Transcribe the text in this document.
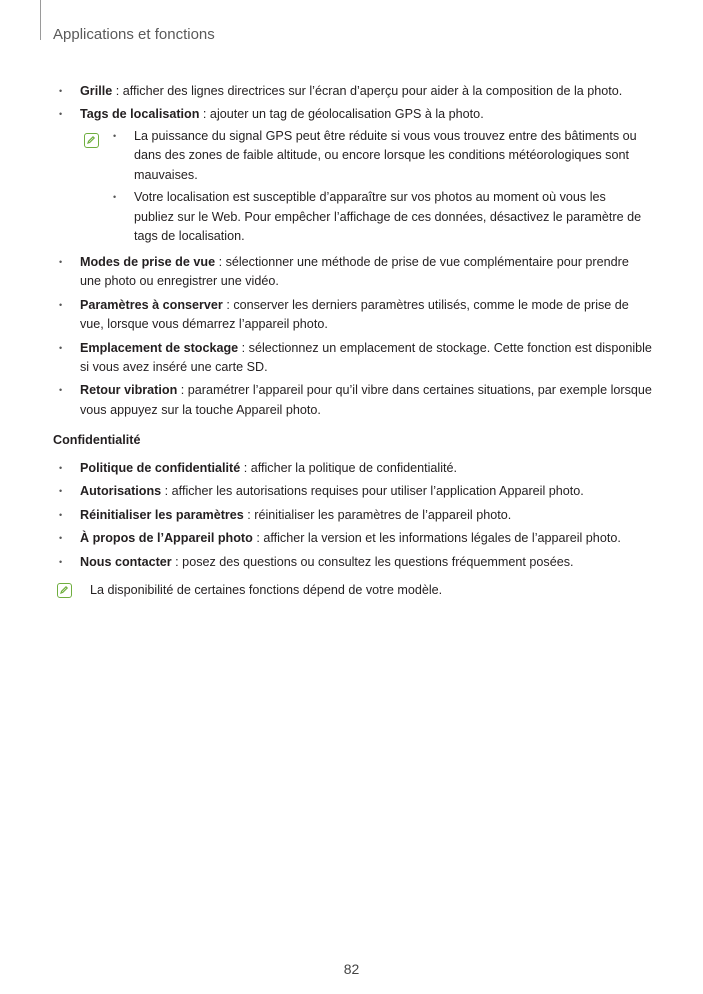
Applications et fonctions
• Grille : afficher des lignes directrices sur l’écran d’aperçu pour aider à la composition de la photo.
• Tags de localisation : ajouter un tag de géolocalisation GPS à la photo.
• La puissance du signal GPS peut être réduite si vous vous trouvez entre des bâtiments ou dans des zones de faible altitude, ou encore lorsque les conditions météorologiques sont mauvaises.
• Votre localisation est susceptible d’apparaître sur vos photos au moment où vous les publiez sur le Web. Pour empêcher l’affichage de ces données, désactivez le paramètre de tags de localisation.
• Modes de prise de vue : sélectionner une méthode de prise de vue complémentaire pour prendre une photo ou enregistrer une vidéo.
• Paramètres à conserver : conserver les derniers paramètres utilisés, comme le mode de prise de vue, lorsque vous démarrez l’appareil photo.
• Emplacement de stockage : sélectionnez un emplacement de stockage. Cette fonction est disponible si vous avez inséré une carte SD.
• Retour vibration : paramétrer l’appareil pour qu’il vibre dans certaines situations, par exemple lorsque vous appuyez sur la touche Appareil photo.
Confidentialité
• Politique de confidentialité : afficher la politique de confidentialité.
• Autorisations : afficher les autorisations requises pour utiliser l’application Appareil photo.
• Réinitialiser les paramètres : réinitialiser les paramètres de l’appareil photo.
• À propos de l’Appareil photo : afficher la version et les informations légales de l’appareil photo.
• Nous contacter : posez des questions ou consultez les questions fréquemment posées.
La disponibilité de certaines fonctions dépend de votre modèle.
82
